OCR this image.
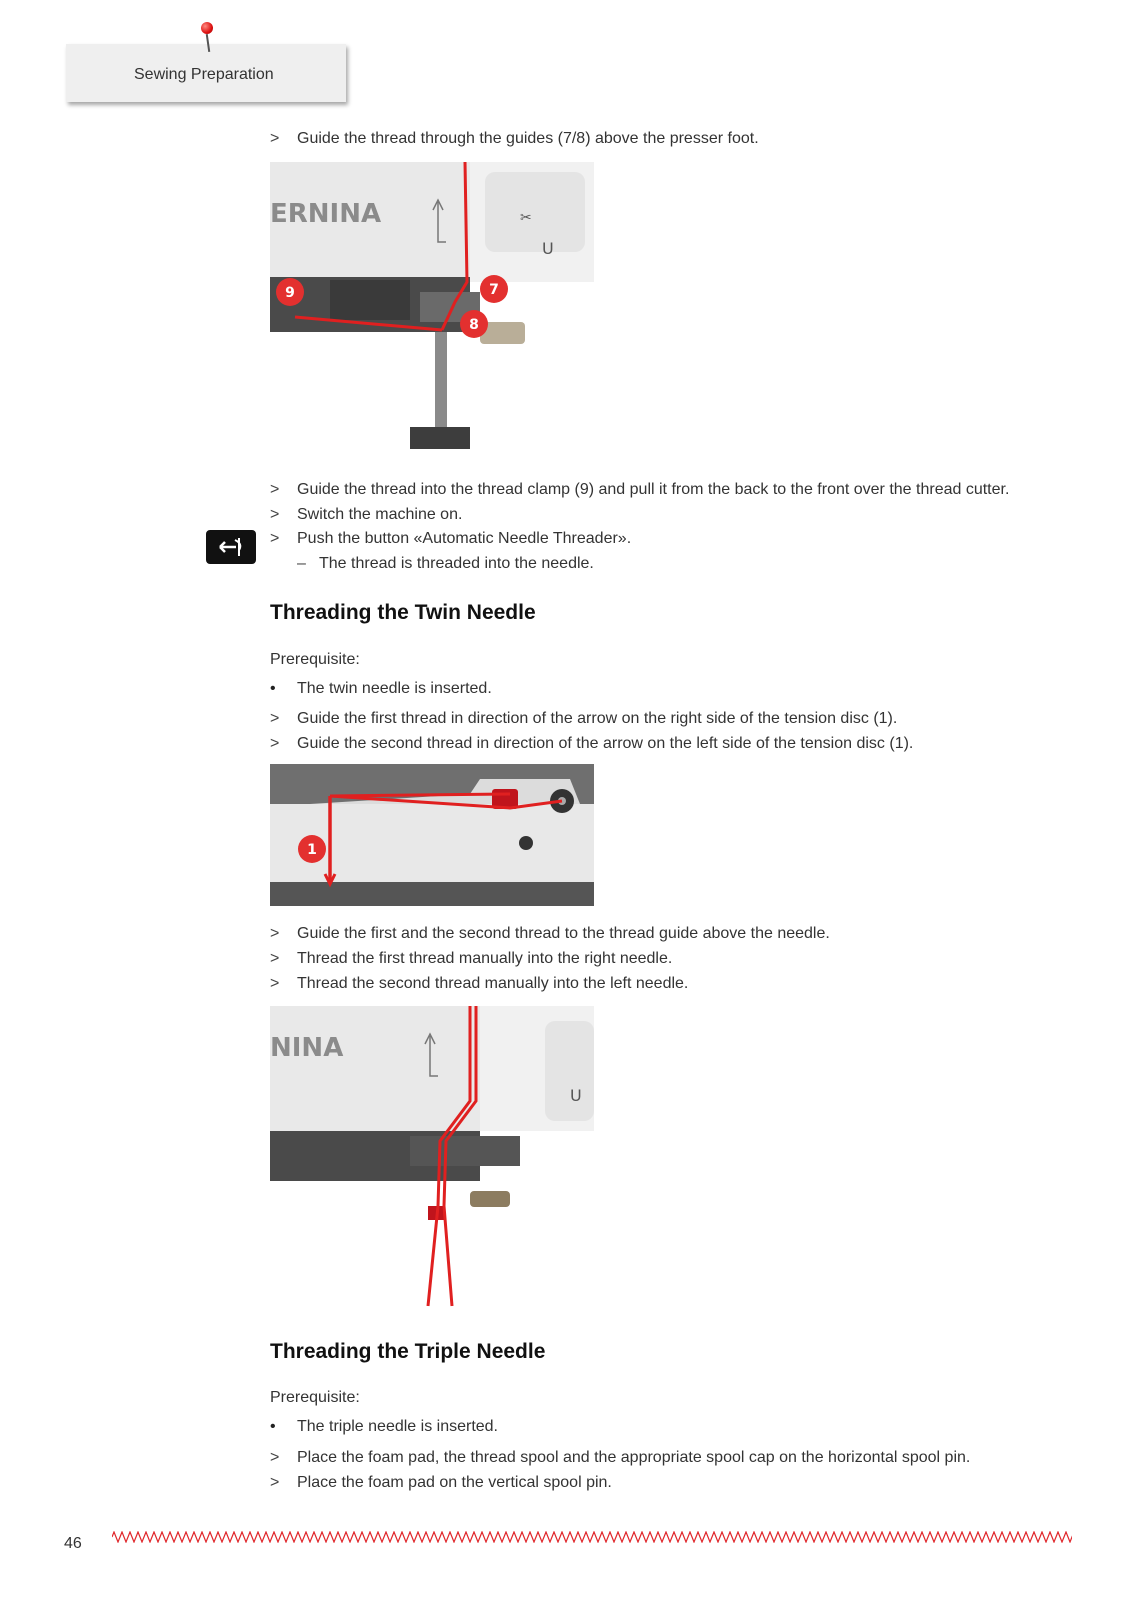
Sewing Preparation
> Guide the thread through the guides (7/8) above the presser foot.
✂
U
ERNINA
9	7
8
> Guide the thread into the thread clamp (9) and pull it from the back to the front over the thread cutter.
> Switch the machine on.
> Push the button «Automatic Needle Threader».
– The thread is threaded into the needle.
Threading the Twin Needle
Prerequisite:
• The twin needle is inserted.
> Guide the first thread in direction of the arrow on the right side of the tension disc (1).
> Guide the second thread in direction of the arrow on the left side of the tension disc (1).
1
> Guide the first and the second thread to the thread guide above the needle.
> Thread the first thread manually into the right needle.
> Thread the second thread manually into the left needle.
U
NINA
Threading the Triple Needle
Prerequisite:
• The triple needle is inserted.
> Place the foam pad, the thread spool and the appropriate spool cap on the horizontal spool pin.
> Place the foam pad on the vertical spool pin.
46
